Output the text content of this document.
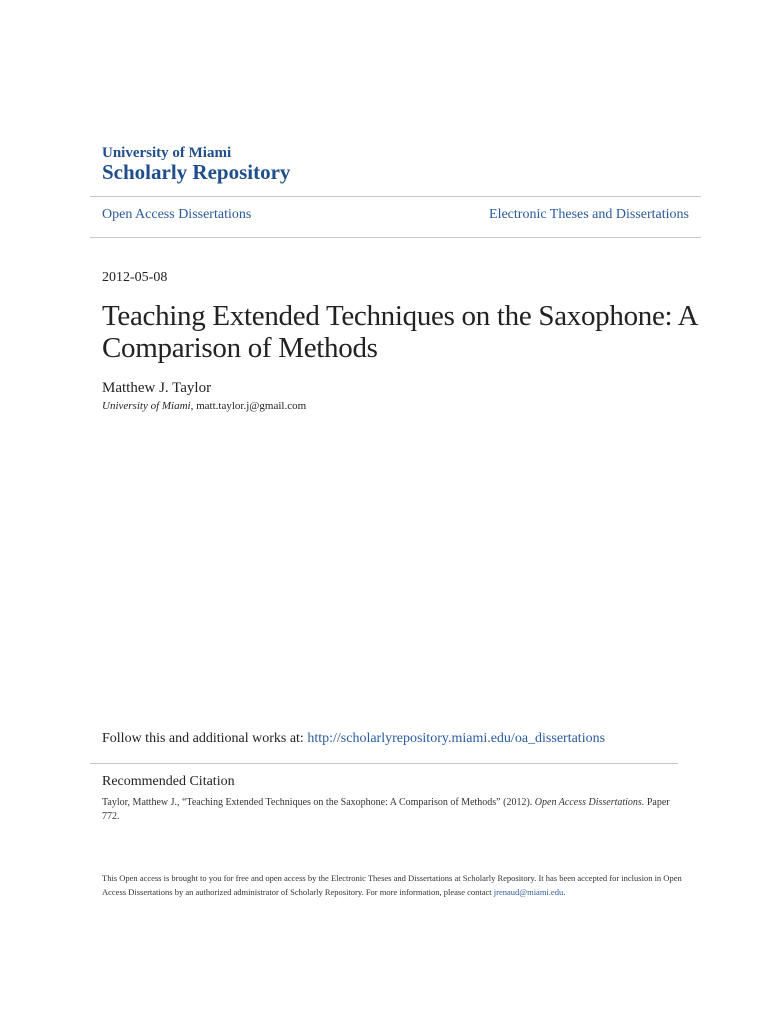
University of Miami
Scholarly Repository
Open Access Dissertations	Electronic Theses and Dissertations
2012-05-08
Teaching Extended Techniques on the Saxophone: A Comparison of Methods
Matthew J. Taylor
University of Miami, matt.taylor.j@gmail.com
Follow this and additional works at: http://scholarlyrepository.miami.edu/oa_dissertations
Recommended Citation
Taylor, Matthew J., “Teaching Extended Techniques on the Saxophone: A Comparison of Methods” (2012). Open Access Dissertations. Paper 772.
This Open access is brought to you for free and open access by the Electronic Theses and Dissertations at Scholarly Repository. It has been accepted for inclusion in Open Access Dissertations by an authorized administrator of Scholarly Repository. For more information, please contact jrenaud@miami.edu.
